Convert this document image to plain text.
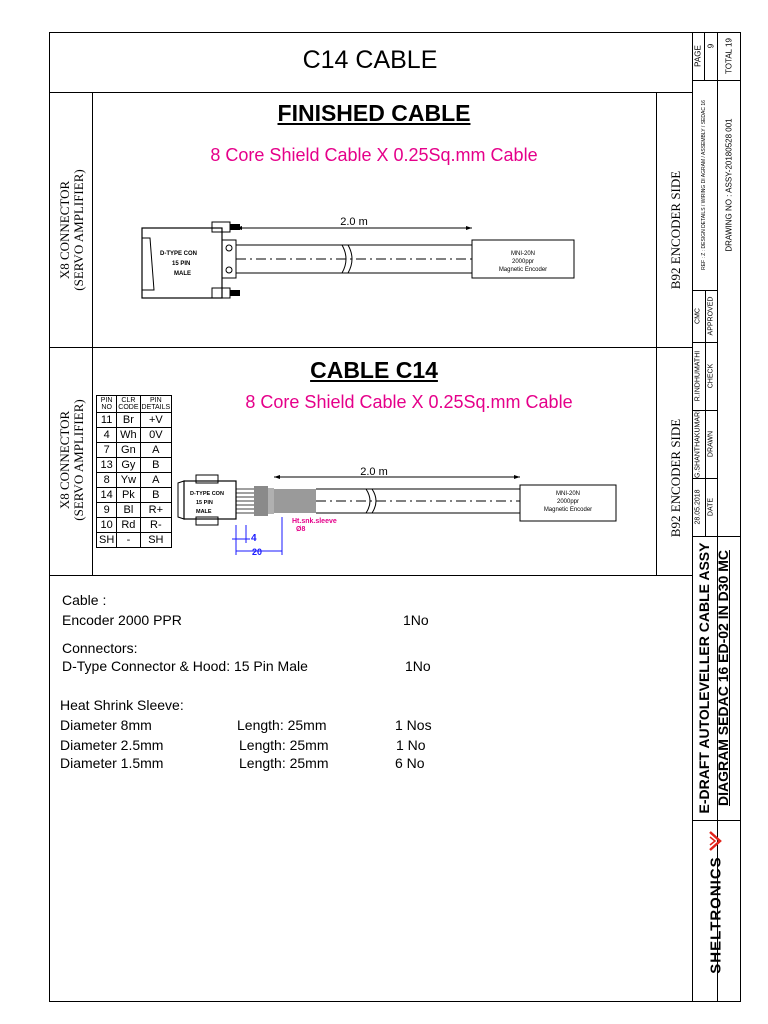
C14 CABLE
FINISHED CABLE
8 Core Shield Cable X 0.25Sq.mm Cable
X8 CONNECTOR (SERVO AMPLIFIER)	B92 ENCODER SIDE
D-TYPE CON
15 PIN
MALE
2.0 m
MNI-20N
2000ppr
Magnetic Encoder
CABLE C14
8 Core Shield Cable X 0.25Sq.mm Cable
X8 CONNECTOR (SERVO AMPLIFIER)	B92 ENCODER SIDE
PIN NO	CLR CODE	PIN DETAILS
11	Br	+V
4	Wh	0V
7	Gn	A
13	Gy	B
8	Yw	A
14	Pk	B
9	Bl	R+
10	Rd	R-
SH	-	SH
D-TYPE CON
15 PIN
MALE
2.0 m
MNI-20N
2000ppr
Magnetic Encoder
Ht.snk.sleeve
Ø8
4
20
Cable :
Encoder 2000 PPR	1No
Connectors:
D-Type Connector & Hood: 15 Pin Male	1No
Heat Shrink Sleeve:
Diameter 8mm	Length: 25mm	1 Nos
Diameter 2.5mm	Length: 25mm	1 No
Diameter 1.5mm	Length: 25mm	6 No
PAGE 9 TOTAL 19
REF : Z : DESIGN DETAILS / WIRING DI AGRAM / ASSEMBLY / SEDAC 16 DRAWING NO : ASSY-20180528 001
CMC APPROVED
R.INDHUMATHI CHECK
G.SHANTHAKUMARI DRAWN
28.05.2018 DATE
E-DRAFT AUTOLEVELLER CABLE ASSY DIAGRAM SEDAC 16 ED-02 IN D30 MC
SHELTRONICS
